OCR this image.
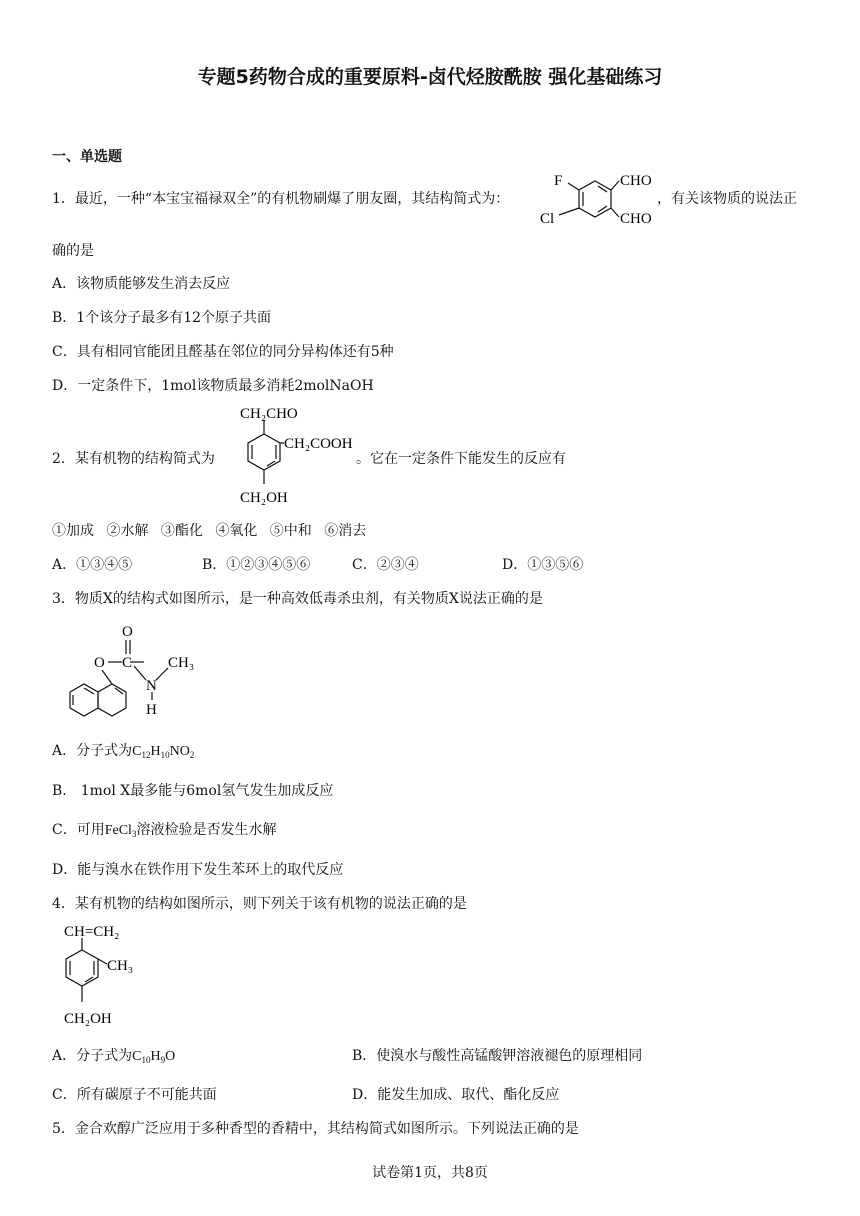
专题5药物合成的重要原料-卤代烃胺酰胺 强化基础练习
一、单选题
1．最近，一种“本宝宝福禄双全”的有机物刷爆了朋友圈，其结构简式为：
F
Cl
CHO
CHO
，有关该物质的说法正
确的是
A．该物质能够发生消去反应
B．1个该分子最多有12个原子共面
C．具有相同官能团且醛基在邻位的同分异构体还有5种
D．一定条件下，1mol该物质最多消耗2molNaOH
2．某有机物的结构简式为
CH₂CHO
CH₂COOH
CH₂OH
。它在一定条件下能发生的反应有
①加成 ②水解 ③酯化 ④氧化 ⑤中和 ⑥消去
A．①③④⑤	B．①②③④⑤⑥	C．②③④	D．①③⑤⑥
3．物质X的结构式如图所示，是一种高效低毒杀虫剂，有关物质X说法正确的是
O
O C CH₃
N
H
A．分子式为$C_{12}H_{10}NO_2$
B． 1mol X最多能与6mol氢气发生加成反应
C．可用FeCl$_3$溶液检验是否发生水解
D．能与溴水在铁作用下发生苯环上的取代反应
4．某有机物的结构如图所示，则下列关于该有机物的说法正确的是
CH=CH₂
CH₃
CH₂OH
A．分子式为$C_{10}H_9O$	B．使溴水与酸性高锰酸钾溶液褪色的原理相同
C．所有碳原子不可能共面	D．能发生加成、取代、酯化反应
5．金合欢醇广泛应用于多种香型的香精中，其结构简式如图所示。下列说法正确的是
试卷第1页，共8页
